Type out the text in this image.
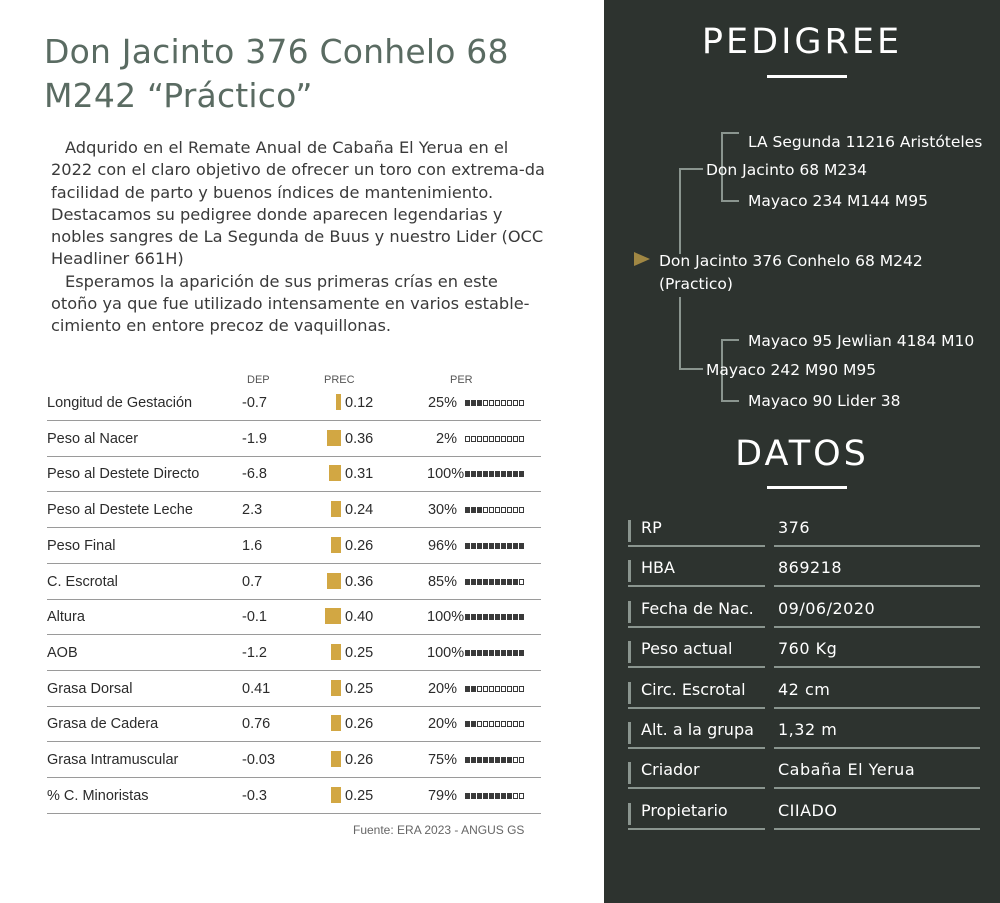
Don Jacinto 376 Conhelo 68
M242 “Práctico”

Adqurido en el Remate Anual de Cabaña El Yerua en el 2022 con el claro objetivo de ofrecer un toro con extrema-da facilidad de parto y buenos índices de mantenimiento. Destacamos su pedigree donde aparecen legendarias y nobles sangres de La Segunda de Buus y nuestro Lider (OCC Headliner 661H)

Esperamos la aparición de sus primeras crías en este otoño ya que fue utilizado intensamente en varios estable-cimiento en entore precoz de vaquillonas.

DEP	PREC	PER
Longitud de Gestación	-0.7	0.12	25%
Peso al Nacer	-1.9	0.36	2%
Peso al Destete Directo	-6.8	0.31	100%
Peso al Destete Leche	2.3	0.24	30%
Peso Final	1.6	0.26	96%
C. Escrotal	0.7	0.36	85%
Altura	-0.1	0.40	100%
AOB	-1.2	0.25	100%
Grasa Dorsal	0.41	0.25	20%
Grasa de Cadera	0.76	0.26	20%
Grasa Intramuscular	-0.03	0.26	75%
% C. Minoristas	-0.3	0.25	79%
Fuente: ERA 2023 - ANGUS GS
PEDIGREE
LA Segunda 11216 Aristóteles
Don Jacinto 68 M234
Mayaco 234 M144 M95
Don Jacinto 376 Conhelo 68 M242
(Practico)
Mayaco 95 Jewlian 4184 M10
Mayaco 242 M90 M95
Mayaco 90 Lider 38
DATOS
RP	376
HBA	869218
Fecha de Nac. 09/06/2020
Peso actual	760 Kg
Circ. Escrotal 42 cm
Alt. a la grupa 1,32 m
Criador	Cabaña El Yerua
Propietario	CIIADO
